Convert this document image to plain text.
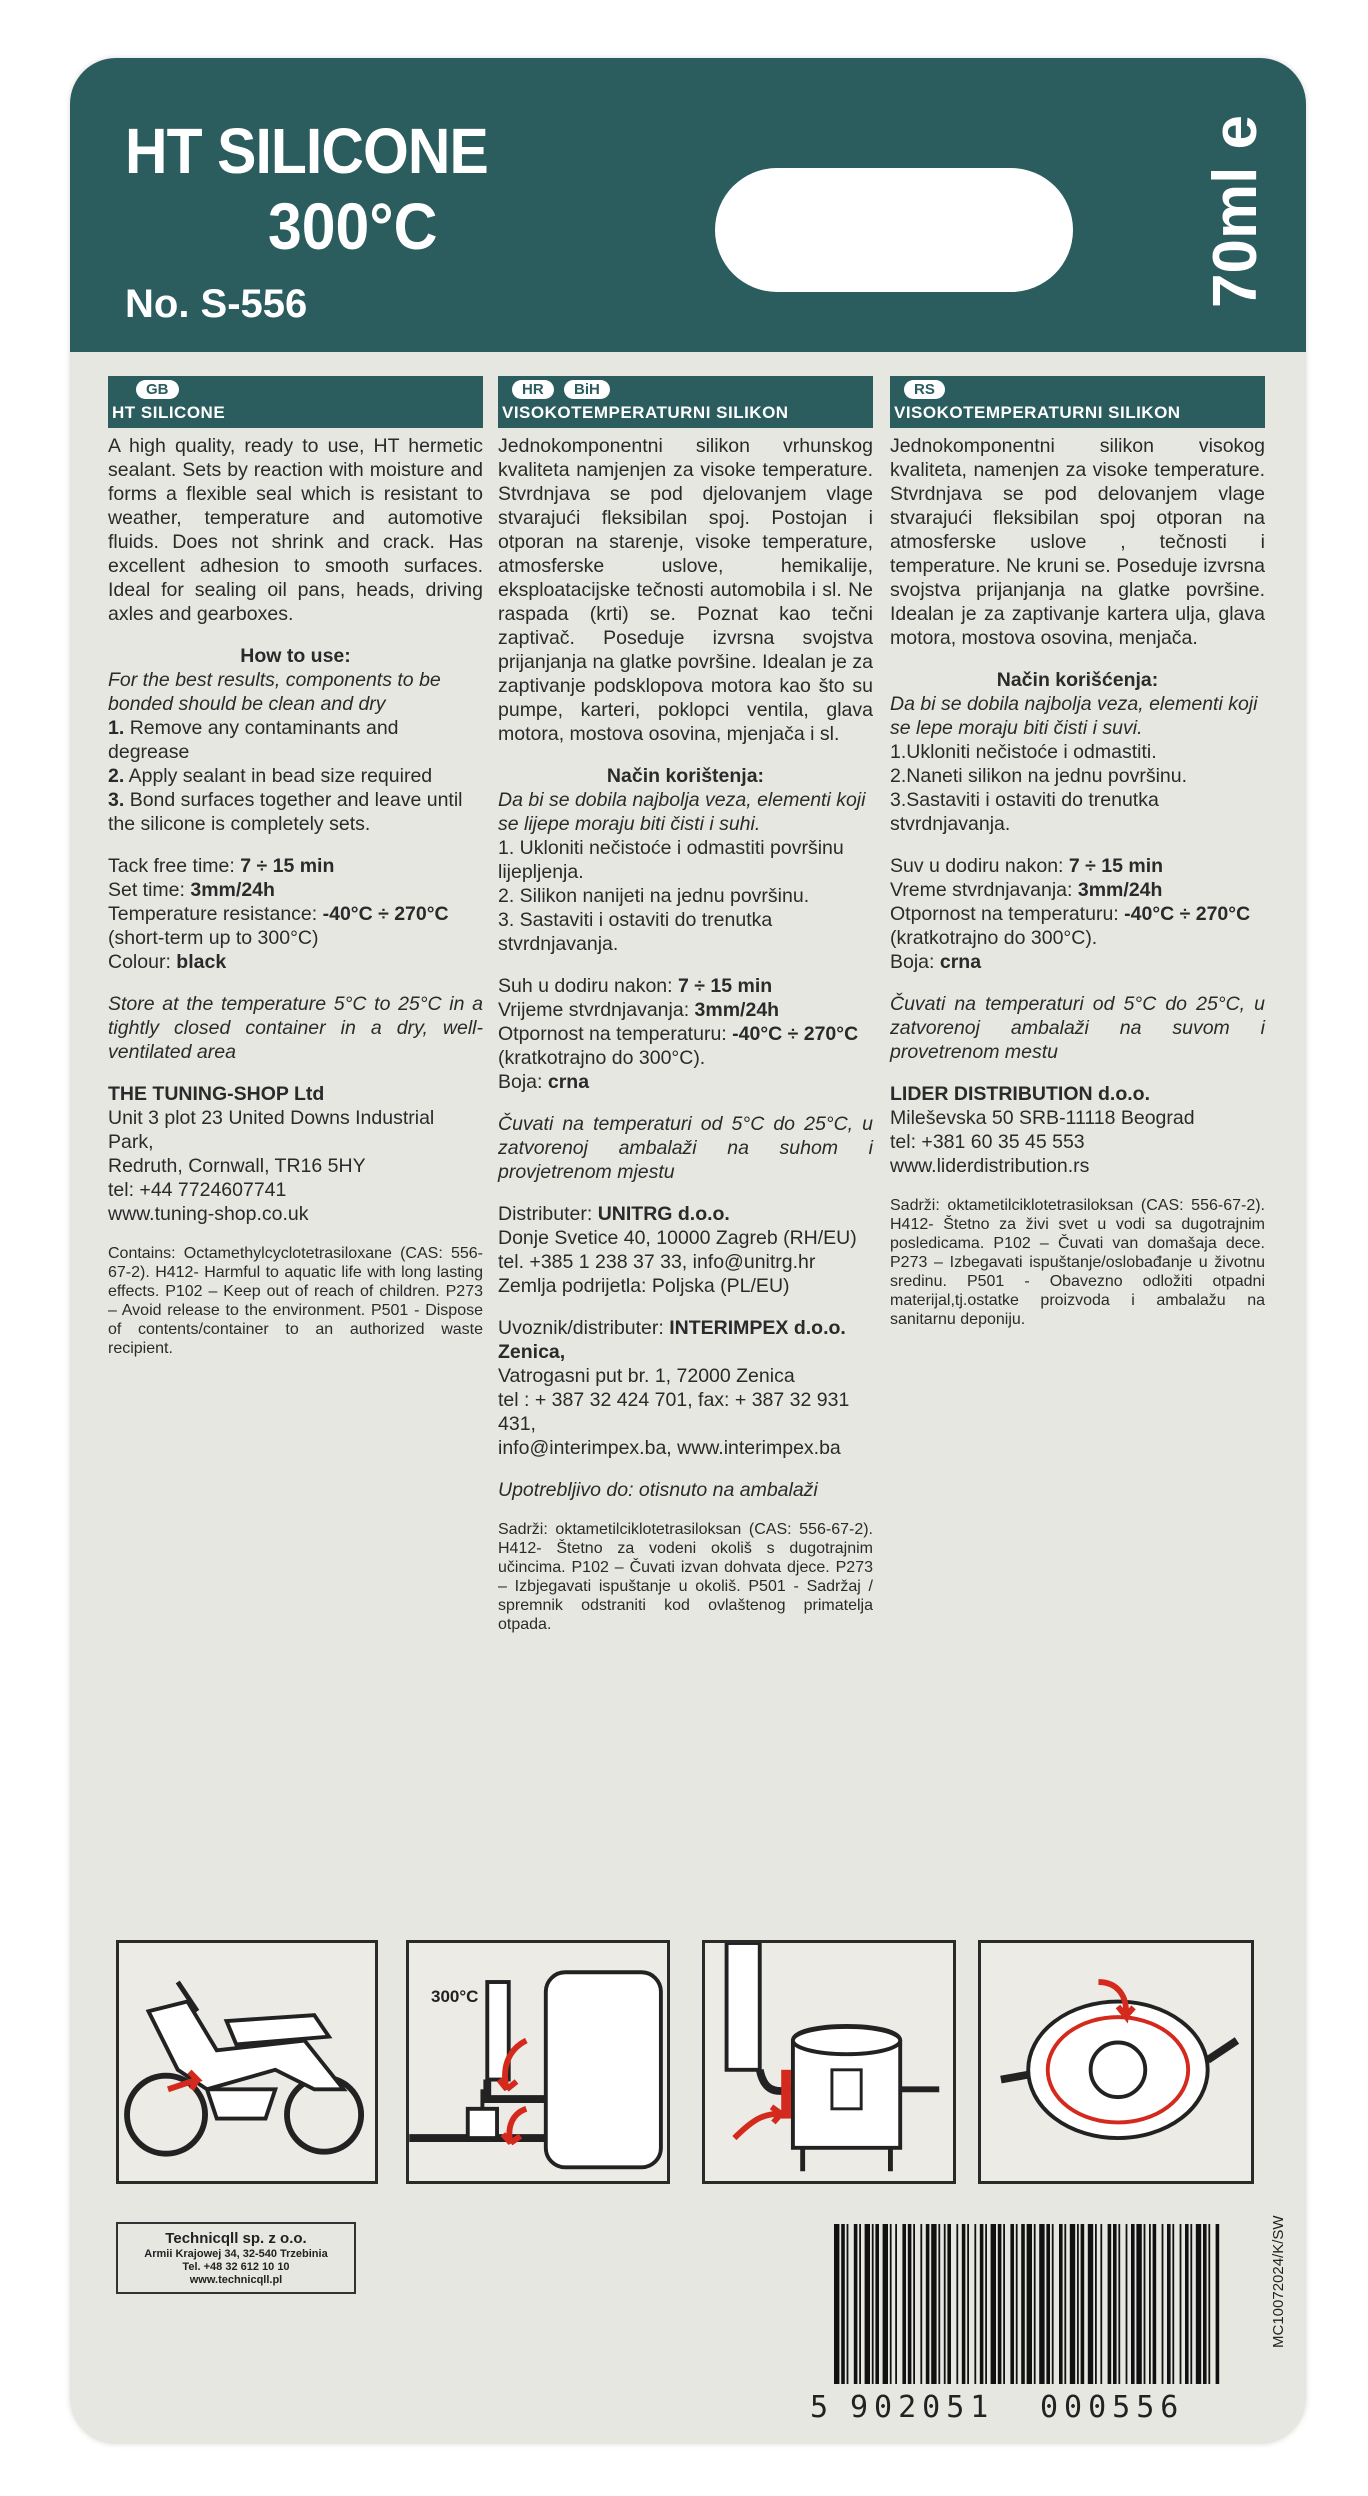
HT SILICONE
300°C
No. S-556	70ml e
GB
HT SILICONE

A high quality, ready to use, HT hermetic sealant. Sets by reaction with moisture and forms a flexible seal which is resistant to weather, temperature and automotive fluids. Does not shrink and crack. Has excellent adhesion to smooth surfaces. Ideal for sealing oil pans, heads, driving axles and gearboxes.

How to use:

For the best results, components to be bonded should be clean and dry

1. Remove any contaminants and degrease

2. Apply sealant in bead size required

3. Bond surfaces together and leave until the silicone is completely sets.

Tack free time: 7 ÷ 15 min

Set time: 3mm/24h

Temperature resistance: -40°C ÷ 270°C

(short-term up to 300°C)

Colour: black

Store at the temperature 5°C to 25°C in a tightly closed container in a dry, well-ventilated area

THE TUNING-SHOP Ltd

Unit 3 plot 23 United Downs Industrial Park,

Redruth, Cornwall, TR16 5HY

tel: +44 7724607741

www.tuning-shop.co.uk

Contains: Octamethylcyclotetrasiloxane (CAS: 556-67-2). H412- Harmful to aquatic life with long lasting effects. P102 – Keep out of reach of children. P273 – Avoid release to the environment. P501 - Dispose of contents/container to an authorized waste recipient.

HR	BiH
VISOKOTEMPERATURNI SILIKON

Jednokomponentni silikon vrhunskog kvaliteta namjenjen za visoke temperature. Stvrdnjava se pod djelovanjem vlage stvarajući fleksibilan spoj. Postojan i otporan na starenje, visoke temperature, atmosferske uslove, hemikalije, eksploatacijske tečnosti automobila i sl. Ne raspada (krti) se. Poznat kao tečni zaptivač. Poseduje izvrsna svojstva prijanjanja na glatke površine. Idealan je za zaptivanje podsklopova motora kao što su pumpe, karteri, poklopci ventila, glava motora, mostova osovina, mjenjača i sl.

Način korištenja:

Da bi se dobila najbolja veza, elementi koji se lijepe moraju biti čisti i suhi.

1. Ukloniti nečistoće i odmastiti površinu lijepljenja.

2. Silikon nanijeti na jednu površinu.

3. Sastaviti i ostaviti do trenutka stvrdnjavanja.

Suh u dodiru nakon: 7 ÷ 15 min

Vrijeme stvrdnjavanja: 3mm/24h

Otpornost na temperaturu: -40°C ÷ 270°C

(kratkotrajno do 300°C).

Boja: crna

Čuvati na temperaturi od 5°C do 25°C, u zatvorenoj ambalaži na suhom i provjetrenom mjestu

Distributer: UNITRG d.o.o.

Donje Svetice 40, 10000 Zagreb (RH/EU)

tel. +385 1 238 37 33, info@unitrg.hr

Zemlja podrijetla: Poljska (PL/EU)

Uvoznik/distributer: INTERIMPEX d.o.o. Zenica,

Vatrogasni put br. 1, 72000 Zenica

tel : + 387 32 424 701, fax: + 387 32 931 431,

info@interimpex.ba, www.interimpex.ba

Upotrebljivo do: otisnuto na ambalaži

Sadrži: oktametilciklotetrasiloksan (CAS: 556-67-2). H412- Štetno za vodeni okoliš s dugotrajnim učincima. P102 – Čuvati izvan dohvata djece. P273 – Izbjegavati ispuštanje u okoliš. P501 - Sadržaj / spremnik odstraniti kod ovlaštenog primatelja otpada.

RS
VISOKOTEMPERATURNI SILIKON

Jednokomponentni silikon visokog kvaliteta, namenjen za visoke temperature. Stvrdnjava se pod delovanjem vlage stvarajući fleksibilan spoj otporan na atmosferske uslove , tečnosti i temperature. Ne kruni se. Poseduje izvrsna svojstva prijanjanja na glatke površine. Idealan je za zaptivanje kartera ulja, glava motora, mostova osovina, menjača.

Način korišćenja:

Da bi se dobila najbolja veza, elementi koji se lepe moraju biti čisti i suvi.

1.Ukloniti nečistoće i odmastiti.

2.Naneti silikon na jednu površinu.

3.Sastaviti i ostaviti do trenutka stvrdnjavanja.

Suv u dodiru nakon: 7 ÷ 15 min

Vreme stvrdnjavanja: 3mm/24h

Otpornost na temperaturu: -40°C ÷ 270°C

(kratkotrajno do 300°C).

Boja: crna

Čuvati na temperaturi od 5°C do 25°C, u zatvorenoj ambalaži na suvom i provetrenom mestu

LIDER DISTRIBUTION d.o.o.

Mileševska 50 SRB-11118 Beograd

tel: +381 60 35 45 553

www.liderdistribution.rs

Sadrži: oktametilciklotetrasiloksan (CAS: 556-67-2). H412- Štetno za živi svet u vodi sa dugotrajnim posledicama. P102 – Čuvati van domašaja dece. P273 – Izbegavati ispuštanje/oslobađanje u životnu sredinu. P501 - Obavezno odložiti otpadni materijal,tj.ostatke proizvoda i ambalažu na sanitarnu deponiju.

300°C
Technicqll sp. z o.o.
Armii Krajowej 34, 32-540 Trzebinia
Tel. +48 32 612 10 10
www.technicqll.pl
5 902051 000556
MC10072024/K/SW
